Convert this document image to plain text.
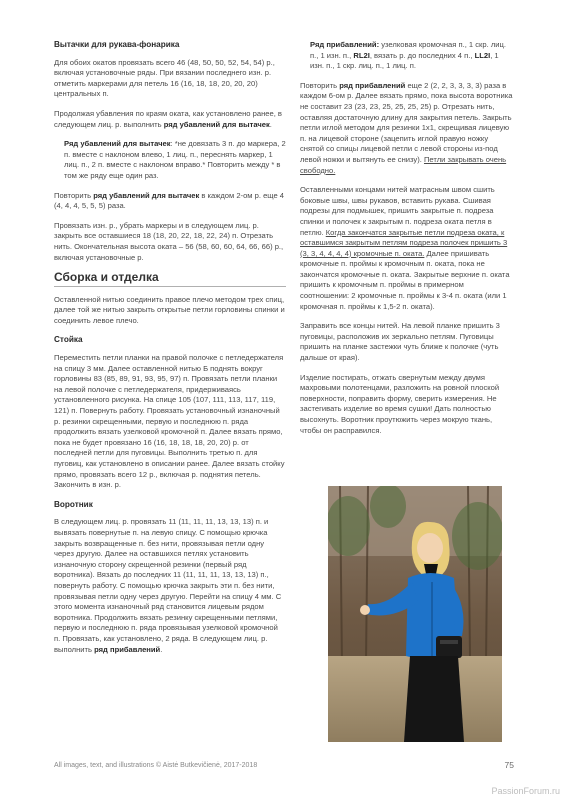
Вытачки для рукава-фонарика

Для обоих окатов провязать всего 46 (48, 50, 50, 52, 54, 54) р., включая установочные ряды. При вязании последнего изн. р. отметить маркерами для петель 16 (16, 18, 18, 20, 20, 20) центральных п.

Продолжая убавления по краям оката, как установлено ранее, в следующем лиц. р. выполнить ряд убавлений для вытачек.

Ряд убавлений для вытачек: *не довязать 3 п. до маркера, 2 п. вместе с наклоном влево, 1 лиц. п., переснять маркер, 1 лиц. п., 2 п. вместе с наклоном вправо.* Повторить между * в том же ряду еще один раз.

Повторить ряд убавлений для вытачек в каждом 2-ом р. еще 4 (4, 4, 4, 5, 5, 5) раза.

Провязать изн. р., убрать маркеры и в следующем лиц. р. закрыть все оставшиеся 18 (18, 20, 22, 18, 22, 24) п. Отрезать нить. Окончательная высота оката – 56 (58, 60, 60, 64, 66, 66) р., включая установочные р.

Сборка и отделка

Оставленной нитью соединить правое плечо методом трех спиц, далее той же нитью закрыть открытые петли горловины спинки и соединить левое плечо.

Стойка

Переместить петли планки на правой полочке с петледержателя на спицу 3 мм. Далее оставленной нитью Б поднять вокруг горловины 83 (85, 89, 91, 93, 95, 97) п. Провязать петли планки на левой полочке с петледержателя, придерживаясь установленного рисунка. На спице 105 (107, 111, 113, 117, 119, 121) п. Повернуть работу. Провязать установочный изнаночный р. резинки скрещенными, первую и последнюю п. ряда продолжить вязать узелковой кромочной п. Далее вязать прямо, пока не будет провязано 16 (16, 18, 18, 18, 20, 20) р. от последней петли для пуговицы. Выполнить третью п. для пуговиц, как установлено в описании ранее. Далее вязать стойку прямо, провязать всего 12 р., включая р. поднятия петель. Закончить в изн. р.

Воротник

В следующем лиц. р. провязать 11 (11, 11, 11, 13, 13, 13) п. и вывязать повернутые п. на левую спицу. С помощью крючка закрыть возвращенные п. без нити, провязывая петли одну через другую. Далее на оставшихся петлях установить изнаночную сторону скрещенной резинки (первый ряд воротника). Вязать до последних 11 (11, 11, 11, 13, 13, 13) п., повернуть работу. С помощью крючка закрыть эти п. без нити, провязывая петли одну через другую. Перейти на спицу 4 мм. С этого момента изнаночный ряд становится лицевым рядом воротника. Продолжить вязать резинку скрещенными петлями, первую и последнюю п. ряда провязывая узелковой кромочной п. Провязать, как установлено, 2 ряда. В следующем лиц. р. выполнить ряд прибавлений.

Ряд прибавлений: узелковая кромочная п., 1 скр. лиц. п., 1 изн. п., RL2I, вязать р. до последних 4 п., LL2I, 1 изн. п., 1 скр. лиц. п., 1 лиц. п.

Повторить ряд прибавлений еще 2 (2, 2, 3, 3, 3, 3) раза в каждом 6-ом р. Далее вязать прямо, пока высота воротника не составит 23 (23, 23, 25, 25, 25, 25) р. Отрезать нить, оставляя достаточную длину для закрытия петель. Закрыть петли иглой методом для резинки 1х1, скрещивая лицевую п. на лицевой стороне (зацепить иглой правую ножку снятой со спицы лицевой петли с левой стороны из-под левой ножки и вытянуть ее снизу). Петли закрывать очень свободно.

Оставленными концами нитей матрасным швом сшить боковые швы, швы рукавов, вставить рукава. Сшивая подрезы для подмышек, пришить закрытые п. подреза спинки и полочек к закрытым п. подреза оката петля в петлю. Когда закончатся закрытые петли подреза оката, к оставшимся закрытым петлям подреза полочек пришить 3 (3, 3, 4, 4, 4, 4) кромочные п. оката. Далее пришивать кромочные п. проймы к кромочным п. оката, пока не закончатся кромочные п. оката. Закрытые верхние п. оката пришить к кромочным п. проймы в примерном соотношении: 2 кромочные п. проймы к 3-4 п. оката (или 1 кромочная п. проймы к 1,5-2 п. оката).

Заправить все концы нитей. На левой планке пришить 3 пуговицы, расположив их зеркально петлям. Пуговицы пришить на планке застежки чуть ближе к полочке (чуть дальше от края).

Изделие постирать, отжать свернутым между двумя махровыми полотенцами, разложить на ровной плоской поверхности, поправить форму, сверить измерения. Не застегивать изделие во время сушки! Дать полностью высохнуть. Воротник проутюжить через мокрую ткань, чтобы он расправился.

All images, text, and illustrations © Aistė Butkevičienė, 2017-2018	75
PassionForum.ru
